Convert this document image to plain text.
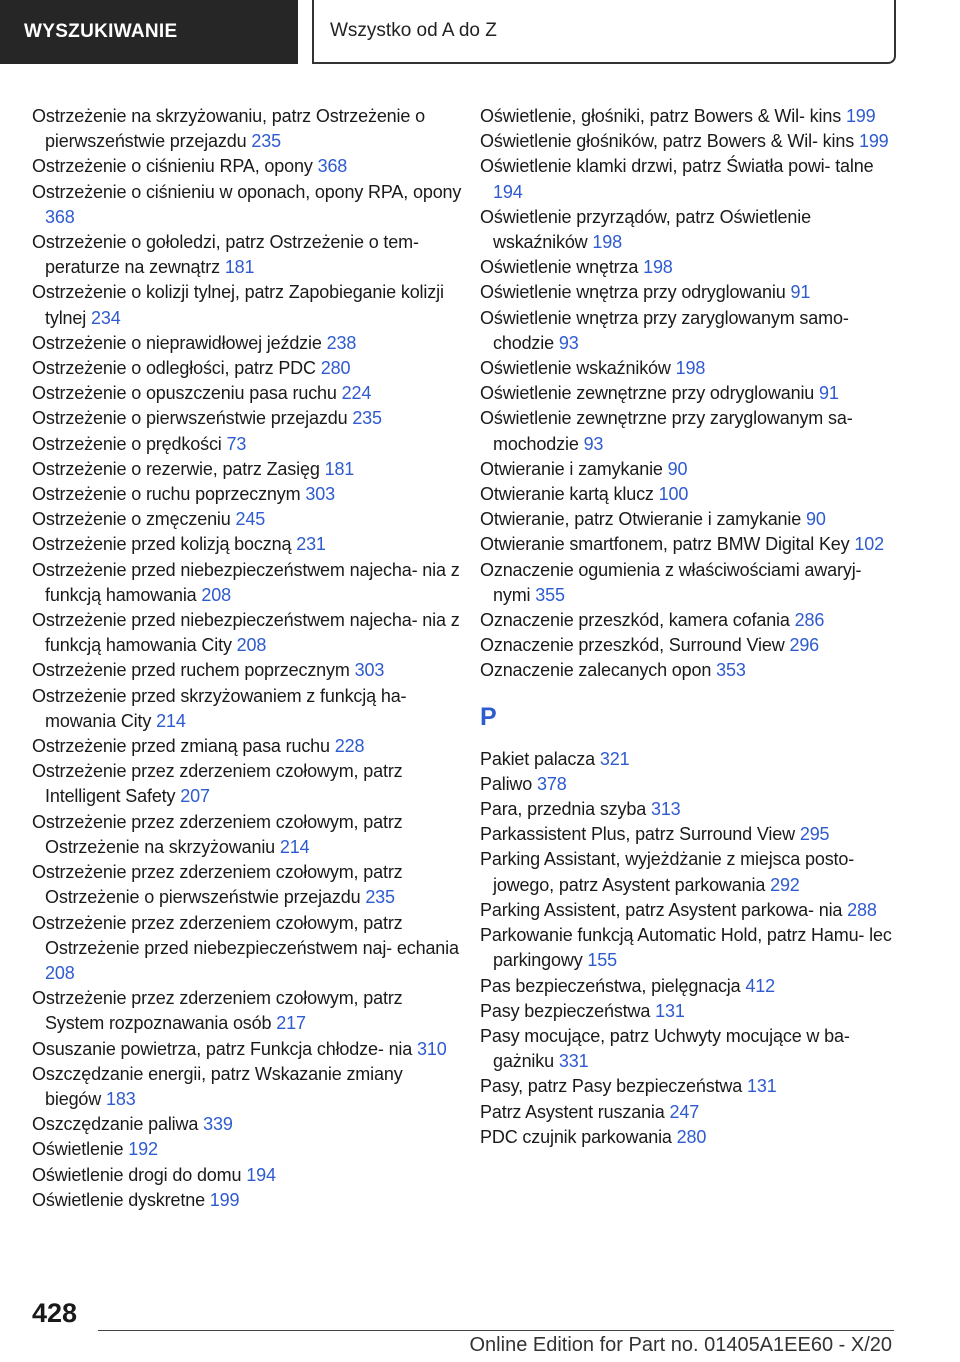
WYSZUKIWANIE	Wszystko od A do Z
Ostrzeżenie na skrzyżowaniu, patrz Ostrzeżenie o pierwszeństwie przejazdu 235
Ostrzeżenie o ciśnieniu RPA, opony 368
Ostrzeżenie o ciśnieniu w oponach, opony RPA, opony 368
Ostrzeżenie o gołoledzi, patrz Ostrzeżenie o tem- peraturze na zewnątrz 181
Ostrzeżenie o kolizji tylnej, patrz Zapobieganie kolizji tylnej 234
Ostrzeżenie o nieprawidłowej jeździe 238
Ostrzeżenie o odległości, patrz PDC 280
Ostrzeżenie o opuszczeniu pasa ruchu 224
Ostrzeżenie o pierwszeństwie przejazdu 235
Ostrzeżenie o prędkości 73
Ostrzeżenie o rezerwie, patrz Zasięg 181
Ostrzeżenie o ruchu poprzecznym 303
Ostrzeżenie o zmęczeniu 245
Ostrzeżenie przed kolizją boczną 231
Ostrzeżenie przed niebezpieczeństwem najecha- nia z funkcją hamowania 208
Ostrzeżenie przed niebezpieczeństwem najecha- nia z funkcją hamowania City 208
Ostrzeżenie przed ruchem poprzecznym 303
Ostrzeżenie przed skrzyżowaniem z funkcją ha- mowania City 214
Ostrzeżenie przed zmianą pasa ruchu 228
Ostrzeżenie przez zderzeniem czołowym, patrz Intelligent Safety 207
Ostrzeżenie przez zderzeniem czołowym, patrz Ostrzeżenie na skrzyżowaniu 214
Ostrzeżenie przez zderzeniem czołowym, patrz Ostrzeżenie o pierwszeństwie przejazdu 235
Ostrzeżenie przez zderzeniem czołowym, patrz Ostrzeżenie przed niebezpieczeństwem naj- echania 208
Ostrzeżenie przez zderzeniem czołowym, patrz System rozpoznawania osób 217
Osuszanie powietrza, patrz Funkcja chłodze- nia 310
Oszczędzanie energii, patrz Wskazanie zmiany biegów 183
Oszczędzanie paliwa 339
Oświetlenie 192
Oświetlenie drogi do domu 194
Oświetlenie dyskretne 199
Oświetlenie, głośniki, patrz Bowers & Wil- kins 199
Oświetlenie głośników, patrz Bowers & Wil- kins 199
Oświetlenie klamki drzwi, patrz Światła powi- talne 194
Oświetlenie przyrządów, patrz Oświetlenie wskaźników 198
Oświetlenie wnętrza 198
Oświetlenie wnętrza przy odryglowaniu 91
Oświetlenie wnętrza przy zaryglowanym samo- chodzie 93
Oświetlenie wskaźników 198
Oświetlenie zewnętrzne przy odryglowaniu 91
Oświetlenie zewnętrzne przy zaryglowanym sa- mochodzie 93
Otwieranie i zamykanie 90
Otwieranie kartą klucz 100
Otwieranie, patrz Otwieranie i zamykanie 90
Otwieranie smartfonem, patrz BMW Digital Key 102
Oznaczenie ogumienia z właściwościami awaryj- nymi 355
Oznaczenie przeszkód, kamera cofania 286
Oznaczenie przeszkód, Surround View 296
Oznaczenie zalecanych opon 353
P
Pakiet palacza 321
Paliwo 378
Para, przednia szyba 313
Parkassistent Plus, patrz Surround View 295
Parking Assistant, wyjeżdżanie z miejsca posto- jowego, patrz Asystent parkowania 292
Parking Assistent, patrz Asystent parkowa- nia 288
Parkowanie funkcją Automatic Hold, patrz Hamu- lec parkingowy 155
Pas bezpieczeństwa, pielęgnacja 412
Pasy bezpieczeństwa 131
Pasy mocujące, patrz Uchwyty mocujące w ba- gażniku 331
Pasy, patrz Pasy bezpieczeństwa 131
Patrz Asystent ruszania 247
PDC czujnik parkowania 280
428
Online Edition for Part no. 01405A1EE60 - X/20
